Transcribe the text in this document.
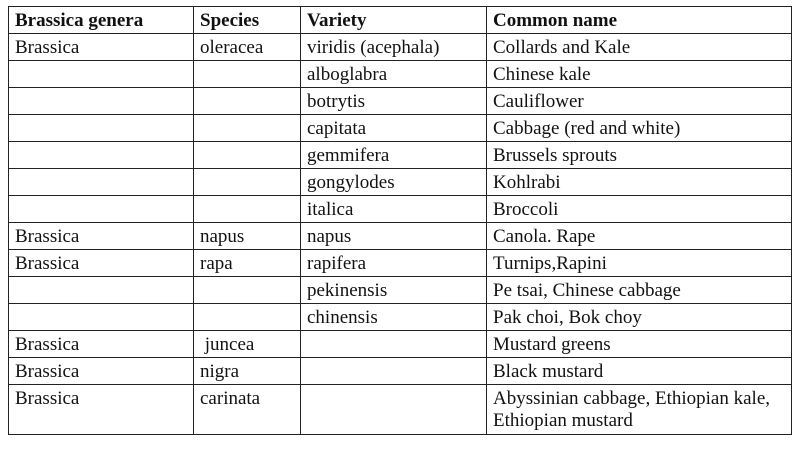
Brassica genera	Species	Variety	Common name
Brassica	oleracea	viridis (acephala)	Collards and Kale
		alboglabra	Chinese kale
		botrytis	Cauliflower
		capitata	Cabbage (red and white)
		gemmifera	Brussels sprouts
		gongylodes	Kohlrabi
		italica	Broccoli
Brassica	napus	napus	Canola. Rape
Brassica	rapa	rapifera	Turnips,Rapini
		pekinensis	Pe tsai, Chinese cabbage
		chinensis	Pak choi, Bok choy
Brassica	juncea		Mustard greens
Brassica	nigra		Black mustard
Brassica	carinata		Abyssinian cabbage, Ethiopian kale, Ethiopian mustard
